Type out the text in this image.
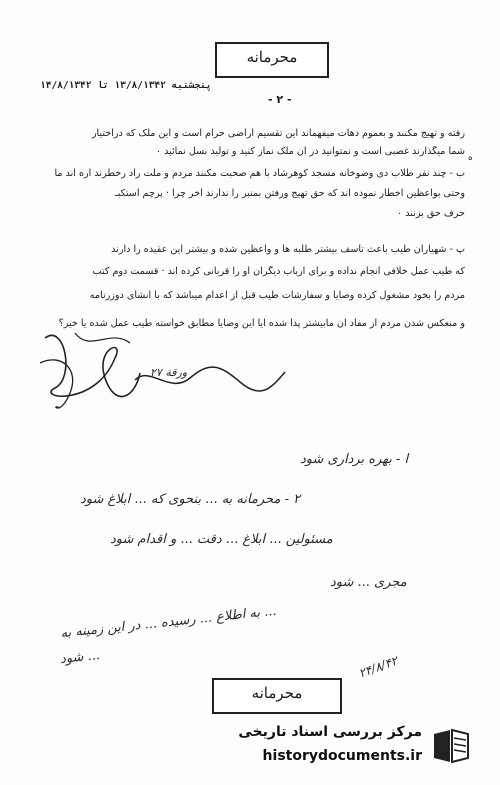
محرمانه
پنجشنبه ۱۳/۸/۱۳۴۲ تا ۱۴/۸/۱۳۴۲
- ۲ -
رفته و تهیج مکنند و بعموم دهات میفهماند این تقسیم اراضی حرام است و این ملک که دراختیار
شما میگذارند غصبی است و نمتوانید در آن ملک نماز کنید و تولید نسل نمائید ۰
ه
ب - چند نفر طلاب دی وضوخانه مسجد کوهرشاد با هم صحبت مکنند مردم و ملت راد رخطرند اره اند ما
وحتی بواعظین اخطار نموده اند که حق تهیج ورفتن بمنبر را ندارند آخر چرا · پرچم استکبـ
حرف حق بزنند ۰
پ - شهیاران طیب باعث تأسف بیشتر طلبه ها و واعظین شده و بیشتر این عقیده را دارند
که طیب عمل خلافی انجام نداده و برای ارباب دیگران او را قربانی کرده اند · قسمت دوم کتب
مردم را بخود مشغول کرده وصایا و سفارشات طیب قبل از اعدام میباشد که با انشای دوزرنامه
و منعکس شدن مردم از مفاد آن مابیشتر پدا شده آیا این وصایا مطابق خواسته طیب عمل شده یا خیر؟
ورقة ۲۷
ا - بهره برداری شود
۲ - محرمانه به ... بنحوی که ... ابلاغ شود
مسئولین ... ابلاغ ... دقت ... و اقدام شود
مجری ... شود
... به اطلاع ... رسیده ... در این زمینه به
... شود	۲۴/۸/۴۲
محرمانه
مرکز بررسی اسناد تاریخی
historydocuments.ir
